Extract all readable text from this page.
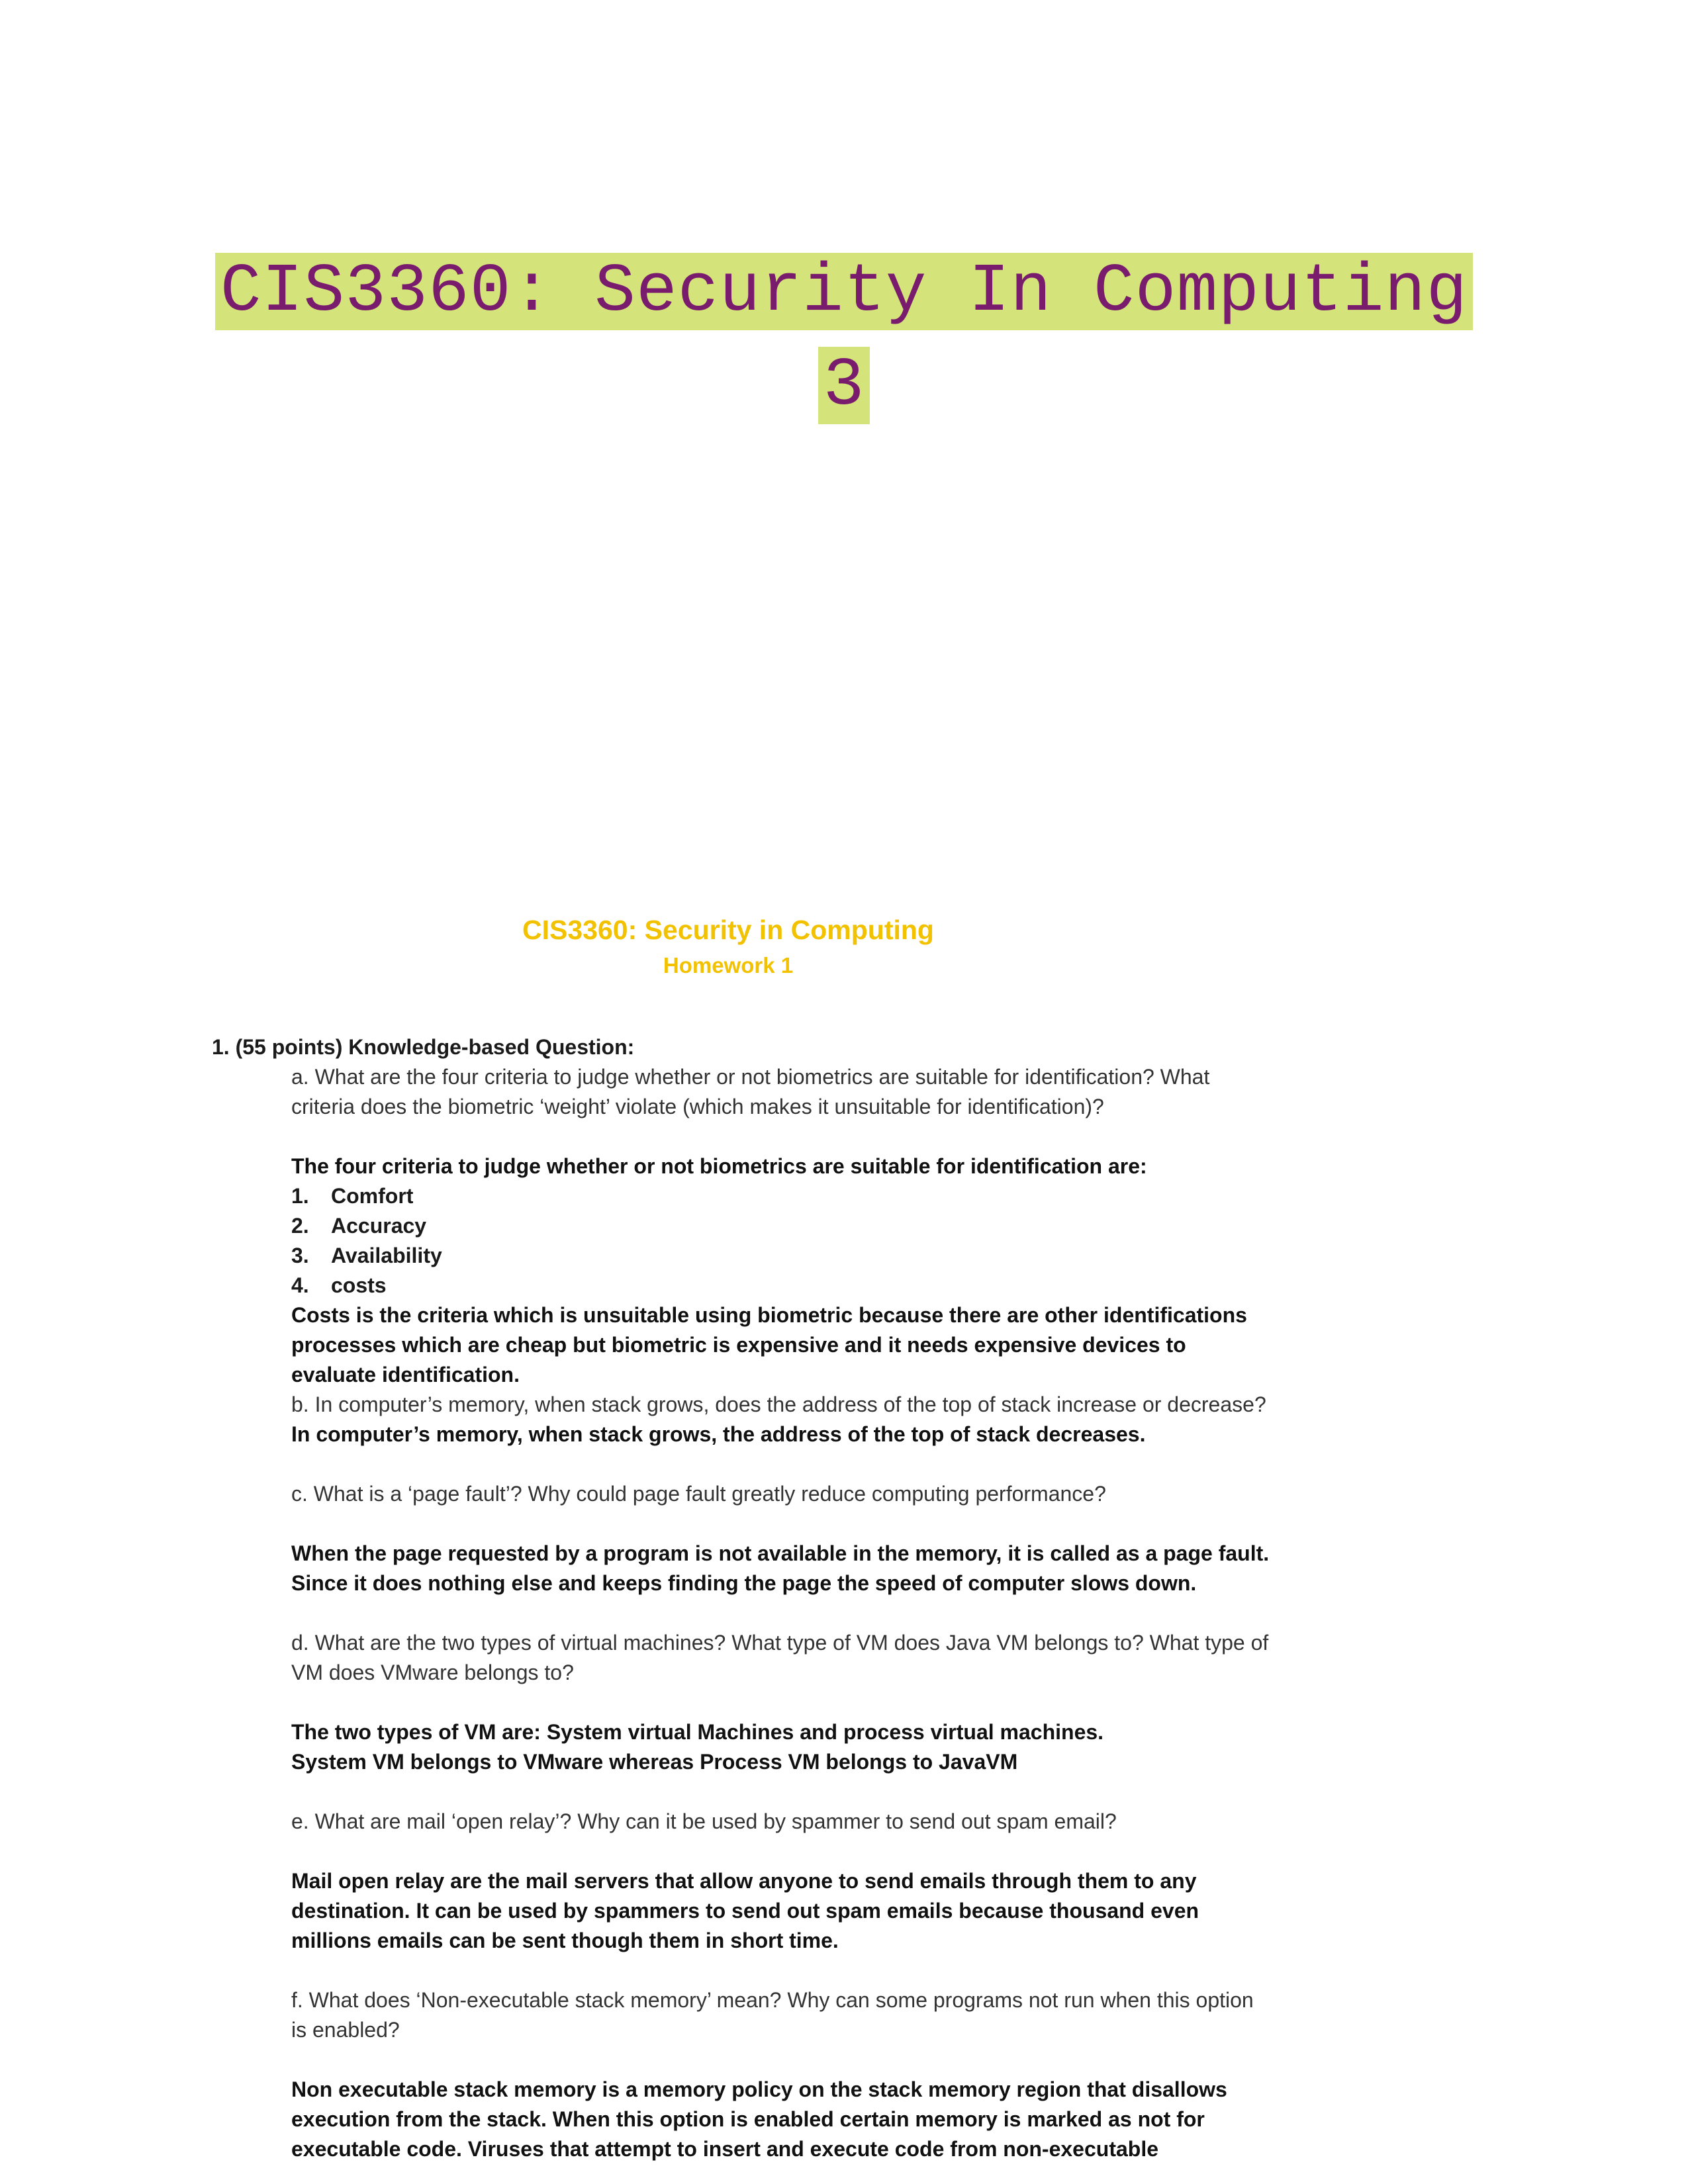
CIS3360: Security In Computing 3
CIS3360: Security in Computing
Homework 1

1. (55 points) Knowledge-based Question:

a. What are the four criteria to judge whether or not biometrics are suitable for identification? What criteria does the biometric ‘weight’ violate (which makes it unsuitable for identification)?

The four criteria to judge whether or not biometrics are suitable for identification are:

1. Comfort
2. Accuracy
3. Availability
4. costs

Costs is the criteria which is unsuitable using biometric because there are other identifications processes which are cheap but biometric is expensive and it needs expensive devices to evaluate identification.

b. In computer’s memory, when stack grows, does the address of the top of stack increase or decrease?

In computer’s memory, when stack grows, the address of the top of stack decreases.

c. What is a ‘page fault’? Why could page fault greatly reduce computing performance?

When the page requested by a program is not available in the memory, it is called as a page fault. Since it does nothing else and keeps finding the page the speed of computer slows down.

d. What are the two types of virtual machines? What type of VM does Java VM belongs to? What type of VM does VMware belongs to?

The two types of VM are: System virtual Machines and process virtual machines.

System VM belongs to VMware whereas Process VM belongs to JavaVM

e. What are mail ‘open relay’? Why can it be used by spammer to send out spam email?

Mail open relay are the mail servers that allow anyone to send emails through them to any destination. It can be used by spammers to send out spam emails because thousand even millions emails can be sent though them in short time.

f. What does ‘Non-executable stack memory’ mean? Why can some programs not run when this option is enabled?

Non executable stack memory is a memory policy on the stack memory region that disallows execution from the stack. When this option is enabled certain memory is marked as not for executable code. Viruses that attempt to insert and execute code from non-executable
